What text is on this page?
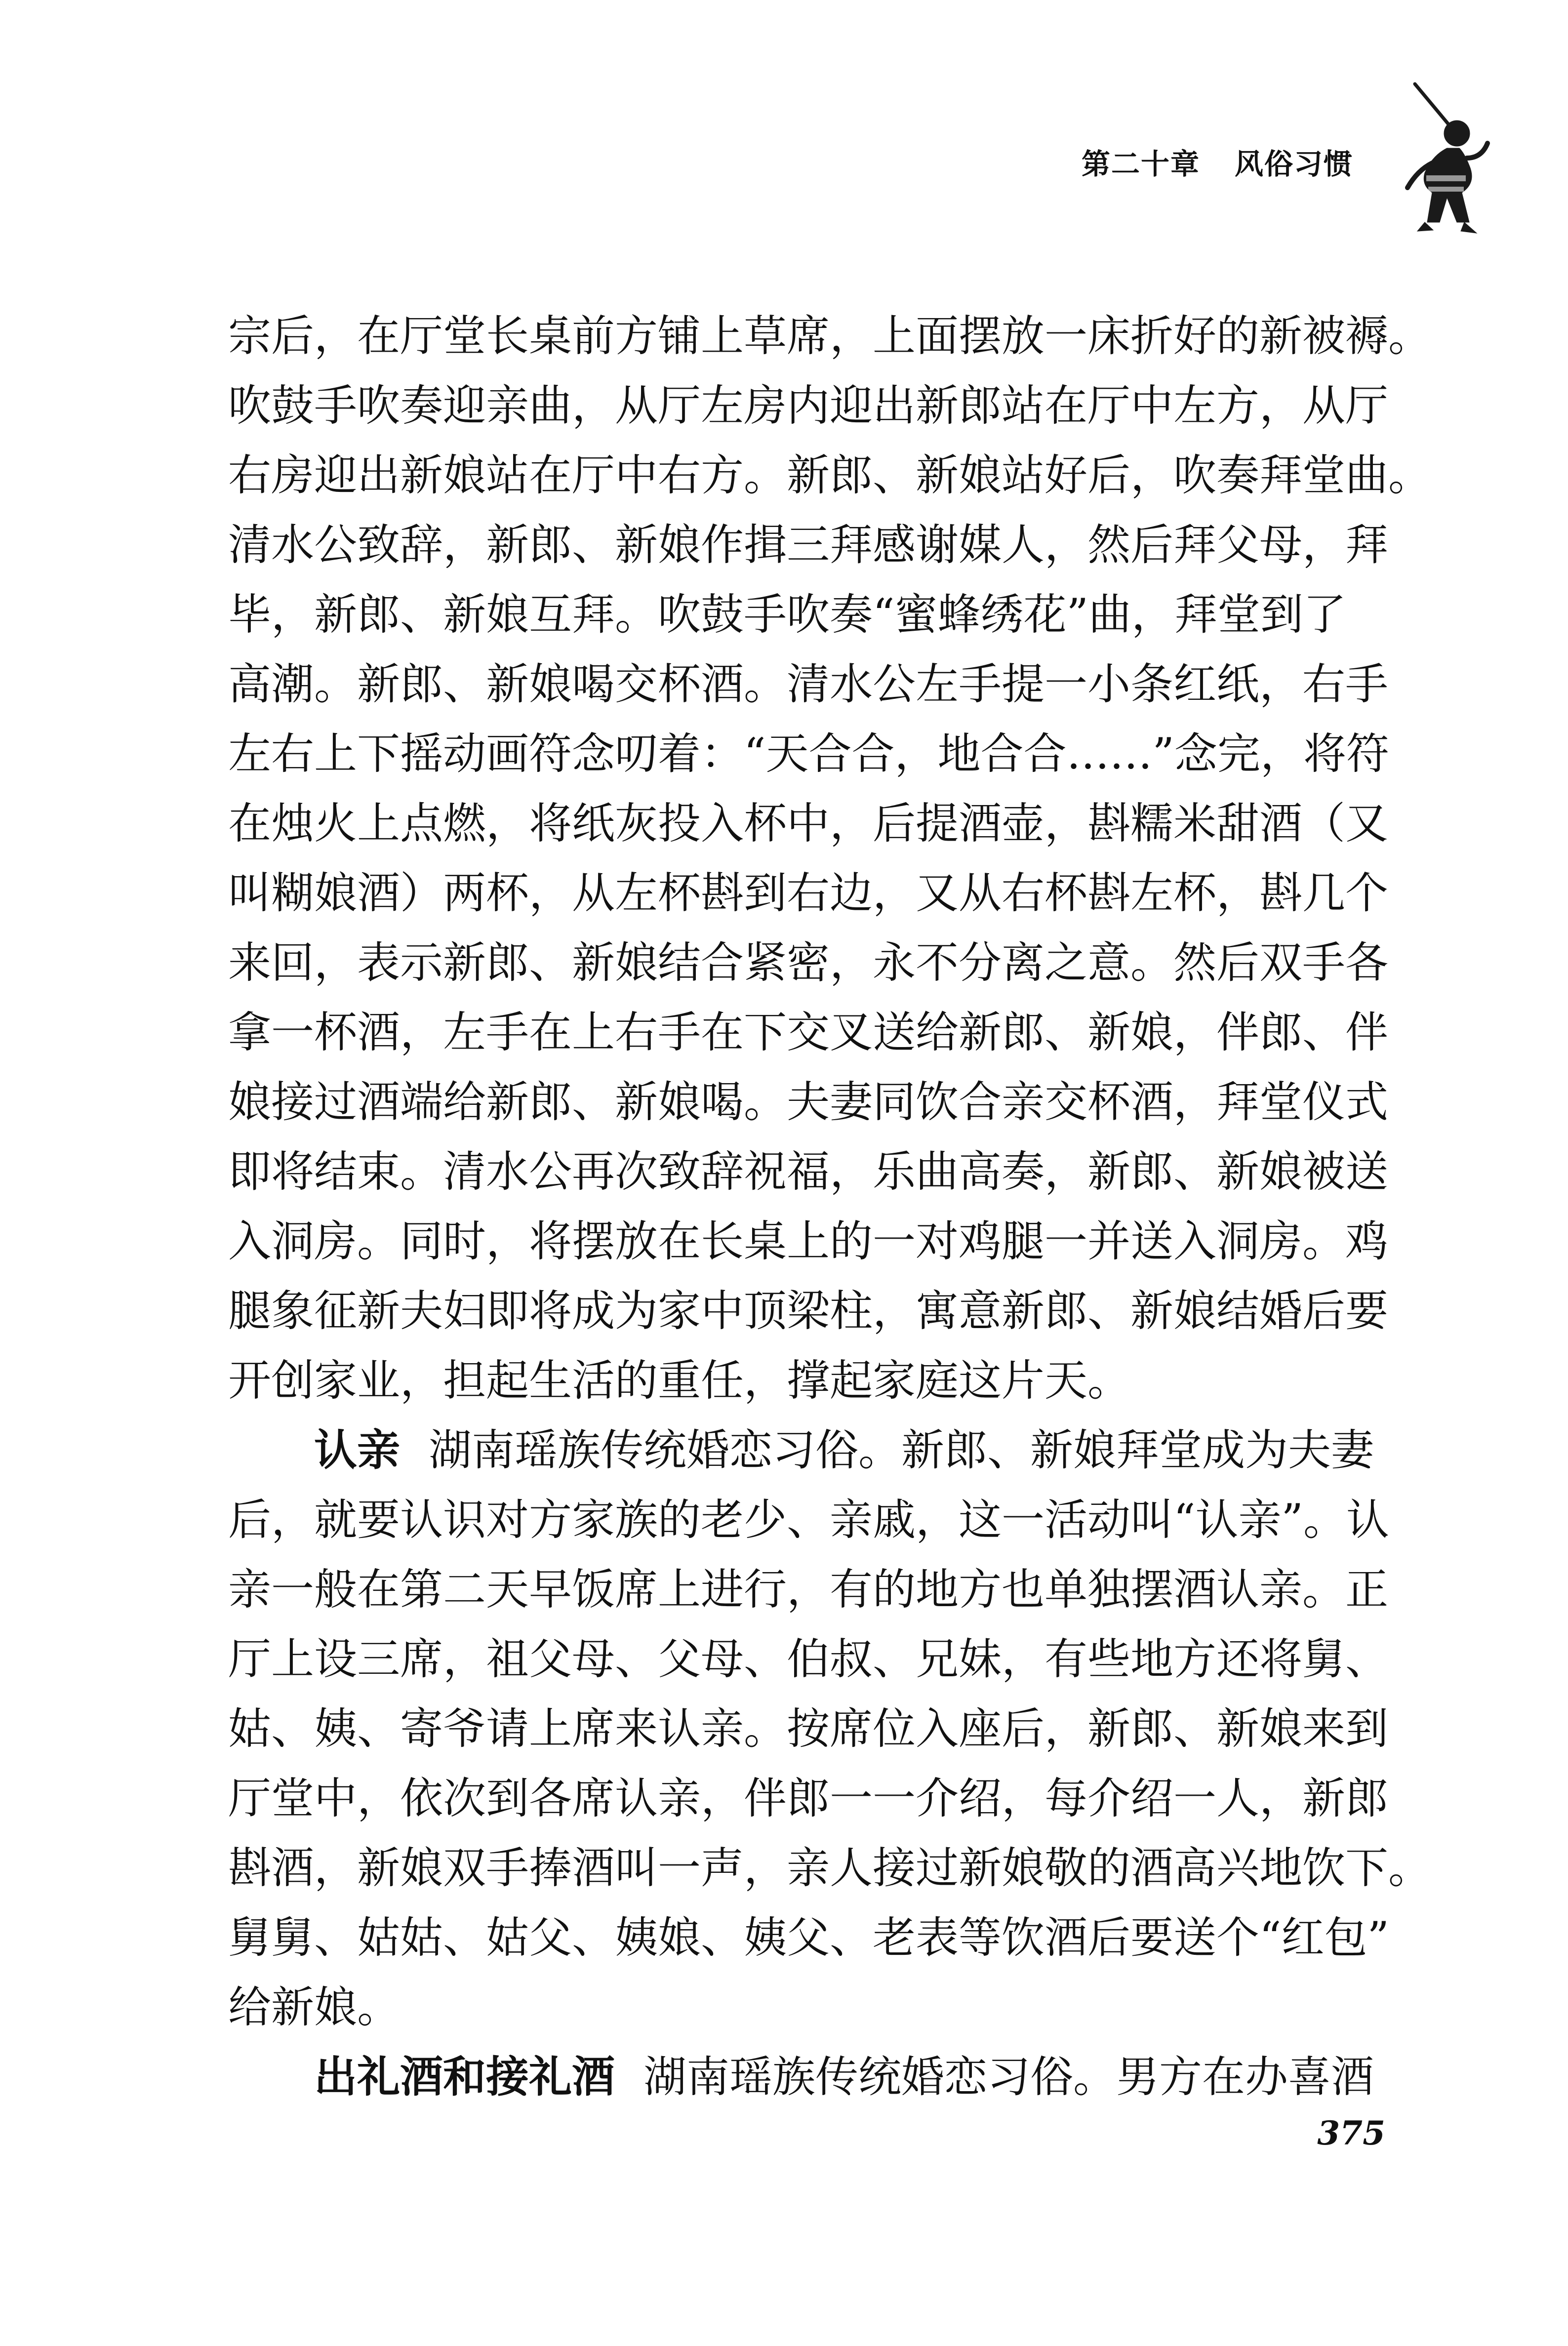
第二十章 风俗习惯
宗后，在厅堂长桌前方铺上草席，上面摆放一床折好的新被褥。
吹鼓手吹奏迎亲曲，从厅左房内迎出新郎站在厅中左方，从厅
右房迎出新娘站在厅中右方。新郎、新娘站好后，吹奏拜堂曲。
清水公致辞，新郎、新娘作揖三拜感谢媒人，然后拜父母，拜
毕，新郎、新娘互拜。吹鼓手吹奏“蜜蜂绣花”曲，拜堂到了
高潮。新郎、新娘喝交杯酒。清水公左手提一小条红纸，右手
左右上下摇动画符念叨着：“天合合，地合合……”念完，将符
在烛火上点燃，将纸灰投入杯中，后提酒壶，斟糯米甜酒（又
叫糊娘酒）两杯，从左杯斟到右边，又从右杯斟左杯，斟几个
来回，表示新郎、新娘结合紧密，永不分离之意。然后双手各
拿一杯酒，左手在上右手在下交叉送给新郎、新娘，伴郎、伴
娘接过酒端给新郎、新娘喝。夫妻同饮合亲交杯酒，拜堂仪式
即将结束。清水公再次致辞祝福，乐曲高奏，新郎、新娘被送
入洞房。同时，将摆放在长桌上的一对鸡腿一并送入洞房。鸡
腿象征新夫妇即将成为家中顶梁柱，寓意新郎、新娘结婚后要
开创家业，担起生活的重任，撑起家庭这片天。
认亲 湖南瑶族传统婚恋习俗。新郎、新娘拜堂成为夫妻
后，就要认识对方家族的老少、亲戚，这一活动叫“认亲”。认
亲一般在第二天早饭席上进行，有的地方也单独摆酒认亲。正
厅上设三席，祖父母、父母、伯叔、兄妹，有些地方还将舅、
姑、姨、寄爷请上席来认亲。按席位入座后，新郎、新娘来到
厅堂中，依次到各席认亲，伴郎一一介绍，每介绍一人，新郎
斟酒，新娘双手捧酒叫一声，亲人接过新娘敬的酒高兴地饮下。
舅舅、姑姑、姑父、姨娘、姨父、老表等饮酒后要送个“红包”
给新娘。
出礼酒和接礼酒 湖南瑶族传统婚恋习俗。男方在办喜酒
375
